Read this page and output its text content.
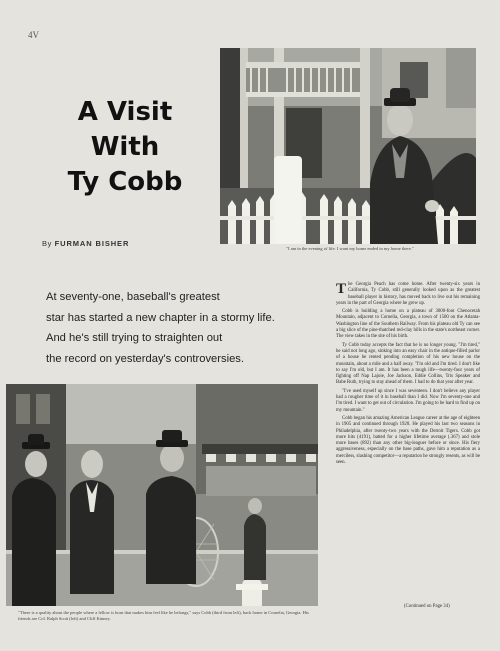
4V
A Visit
With
Ty Cobb
By FURMAN BISHER
At seventy-one, baseball's greatest
star has started a new chapter in a stormy life.
And he's still trying to straighten out
the record on yesterday's controversies.
"I am in the evening of life. I want my home ended in my home there."
"There is a quality about the people where a fellow is born that makes him feel like he belongs," says Cobb (third from left), back home in Cornelia, Georgia. His friends are Col. Ralph Scott (left) and Cliff Kinney.

The Georgia Peach has come home. After twenty-six years in California, Ty Cobb, still generally looked upon as the greatest baseball player in history, has moved back to live out his remaining years in the part of Georgia where he grew up.

Cobb is building a home on a plateau of 3000-foot Chenocetah Mountain, adjacent to Cornelia, Georgia, a town of 1500 on the Atlanta-Washington line of the Southern Railway. From his plateau old Ty can see a big slice of the pine-thatched red-clay hills in the state's northeast corner. The view takes in the site of his birth.

Ty Cobb today accepts the fact that he is no longer young. "I'm tired," he said not long ago, sinking into an easy chair in the antique-filled parlor of a house he rented pending completion of his new house on the mountain, about a mile and a half away. "I'm old and I'm tired. I don't like to say I'm old, but I am. It has been a tough life—twenty-four years of fighting off Nap Lajoie, Joe Jackson, Eddie Collins, Tris Speaker and Babe Ruth, trying to stay ahead of them. I had to do that year after year.

"I've used myself up since I was seventeen. I don't believe any player had a rougher time of it in baseball than I did. Now I'm seventy-one and I'm tired. I want to get out of circulation. I'm going to be hard to find up on my mountain."

Cobb began his amazing American League career at the age of eighteen in 1905 and continued through 1928. He played his last two seasons in Philadelphia, after twenty-two years with the Detroit Tigers. Cobb got more hits (4191), batted for a higher lifetime average (.367) and stole more bases (892) than any other big-leaguer before or since. His fiery aggressiveness, especially on the base paths, gave him a reputation as a merciless, slashing competitor—a reputation he strongly resents, as will be seen.

(Continued on Page 34)
